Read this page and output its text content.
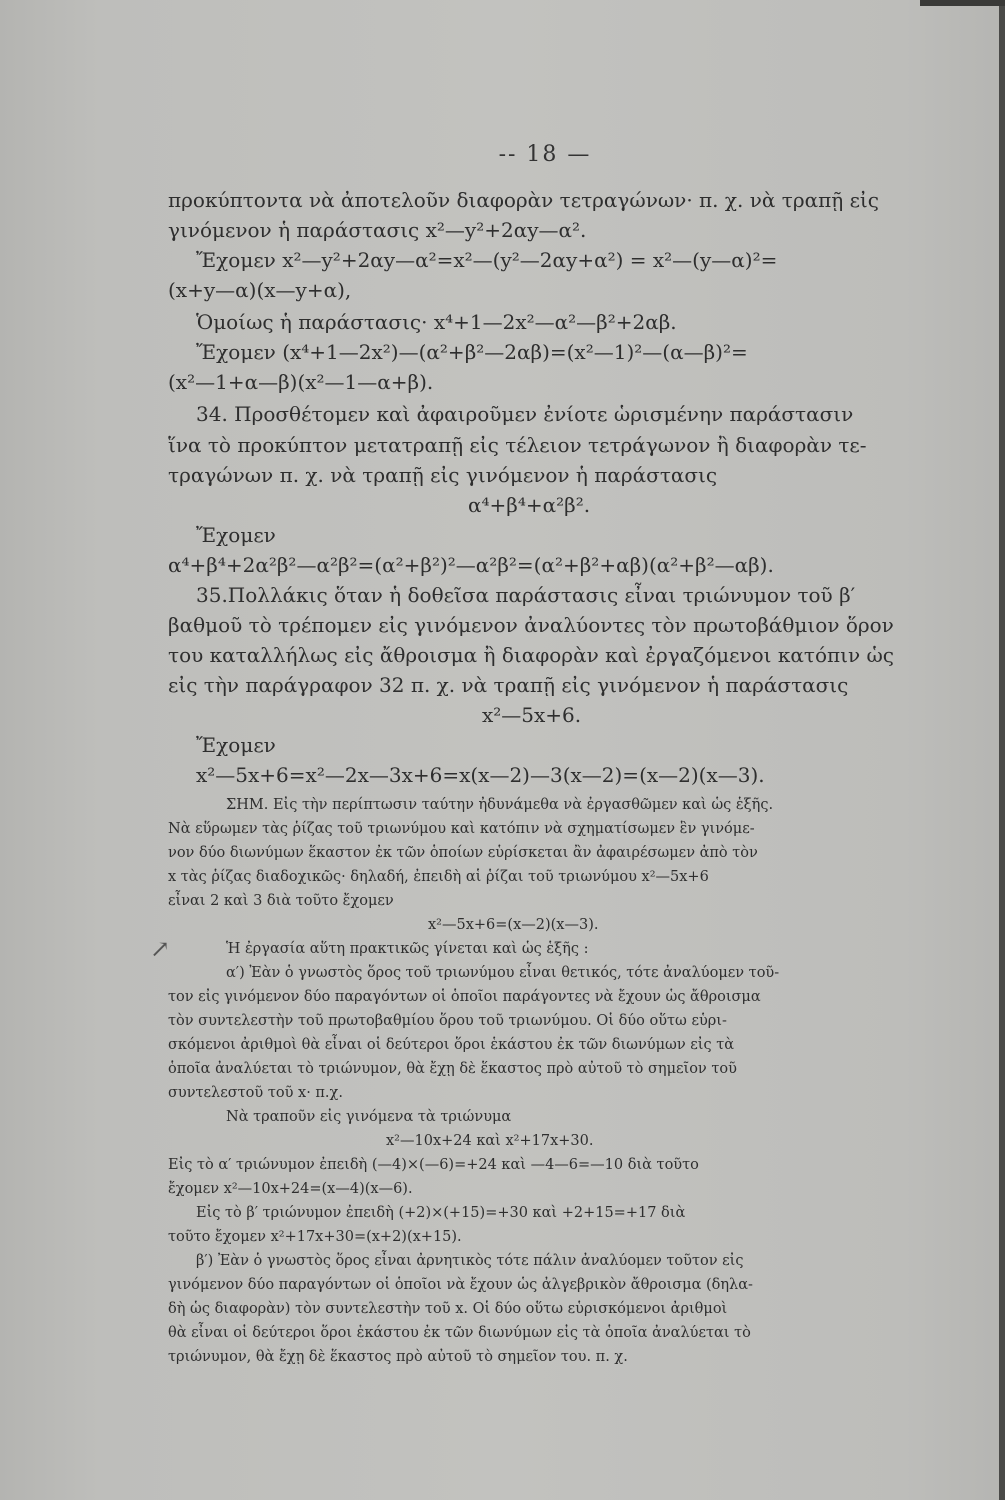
-- 18 —
προκύπτοντα νὰ ἀποτελοῦν διαφορὰν τετραγώνων· π. χ. νὰ τραπῇ εἰς
γινόμενον ἡ παράστασις x²—y²+2αy—α².
Ἔχομεν x²—y²+2αy—α²=x²—(y²—2αy+α²) = x²—(y—α)²=
(x+y—α)(x—y+α),
Ὁμοίως ἡ παράστασις· x⁴+1—2x²—α²—β²+2αβ.
Ἔχομεν (x⁴+1—2x²)—(α²+β²—2αβ)=(x²—1)²—(α—β)²=
(x²—1+α—β)(x²—1—α+β).
34. Προσθέτομεν καὶ ἀφαιροῦμεν ἐνίοτε ὡρισμένην παράστασιν
ἵνα τὸ προκύπτον μετατραπῇ εἰς τέλειον τετράγωνον ἢ διαφορὰν τε-
τραγώνων π. χ. νὰ τραπῇ εἰς γινόμενον ἡ παράστασις
α⁴+β⁴+α²β².
Ἔχομεν
α⁴+β⁴+2α²β²—α²β²=(α²+β²)²—α²β²=(α²+β²+αβ)(α²+β²—αβ).
35.Πολλάκις ὅταν ἡ δοθεῖσα παράστασις εἶναι τριώνυμον τοῦ β′
βαθμοῦ τὸ τρέπομεν εἰς γινόμενον ἀναλύοντες τὸν πρωτοβάθμιον ὅρον
του καταλλήλως εἰς ἄθροισμα ἢ διαφορὰν καὶ ἐργαζόμενοι κατόπιν ὡς
εἰς τὴν παράγραφον 32 π. χ. νὰ τραπῇ εἰς γινόμενον ἡ παράστασις
x²—5x+6.
Ἔχομεν
x²—5x+6=x²—2x—3x+6=x(x—2)—3(x—2)=(x—2)(x—3).
ΣΗΜ. Εἰς τὴν περίπτωσιν ταύτην ἠδυνάμεθα νὰ ἐργασθῶμεν καὶ ὡς ἑξῆς.
Νὰ εὕρωμεν τὰς ῥίζας τοῦ τριωνύμου καὶ κατόπιν νὰ σχηματίσωμεν ἓν γινόμε-
νον δύο διωνύμων ἕκαστον ἐκ τῶν ὁποίων εὑρίσκεται ἂν ἀφαιρέσωμεν ἀπὸ τὸν
x τὰς ῥίζας διαδοχικῶς· δηλαδή, ἐπειδὴ αἱ ῥίζαι τοῦ τριωνύμου x²—5x+6
εἶναι 2 καὶ 3 διὰ τοῦτο ἔχομεν
x²—5x+6=(x—2)(x—3).
Ἡ ἐργασία αὕτη πρακτικῶς γίνεται καὶ ὡς ἑξῆς :
α′) Ἐὰν ὁ γνωστὸς ὅρος τοῦ τριωνύμου εἶναι θετικός, τότε ἀναλύομεν τοῦ-
↗
τον εἰς γινόμενον δύο παραγόντων οἱ ὁποῖοι παράγοντες νὰ ἔχουν ὡς ἄθροισμα
τὸν συντελεστὴν τοῦ πρωτοβαθμίου ὅρου τοῦ τριωνύμου. Οἱ δύο οὕτω εὑρι-
σκόμενοι ἀριθμοὶ θὰ εἶναι οἱ δεύτεροι ὅροι ἑκάστου ἐκ τῶν διωνύμων εἰς τὰ
ὁποῖα ἀναλύεται τὸ τριώνυμον, θὰ ἔχῃ δὲ ἕκαστος πρὸ αὐτοῦ τὸ σημεῖον τοῦ
συντελεστοῦ τοῦ x· π.χ.
Νὰ τραποῦν εἰς γινόμενα τὰ τριώνυμα
x²—10x+24 καὶ x²+17x+30.
Εἰς τὸ α′ τριώνυμον ἐπειδὴ (—4)×(—6)=+24 καὶ —4—6=—10 διὰ τοῦτο
ἔχομεν x²—10x+24=(x—4)(x—6).
Εἰς τὸ β′ τριώνυμον ἐπειδὴ (+2)×(+15)=+30 καὶ +2+15=+17 διὰ
τοῦτο ἔχομεν x²+17x+30=(x+2)(x+15).
β′) Ἐὰν ὁ γνωστὸς ὅρος εἶναι ἀρνητικὸς τότε πάλιν ἀναλύομεν τοῦτον εἰς
γινόμενον δύο παραγόντων οἱ ὁποῖοι νὰ ἔχουν ὡς ἀλγεβρικὸν ἄθροισμα (δηλα-
δὴ ὡς διαφορὰν) τὸν συντελεστὴν τοῦ x. Οἱ δύο οὕτω εὑρισκόμενοι ἀριθμοὶ
θὰ εἶναι οἱ δεύτεροι ὅροι ἑκάστου ἐκ τῶν διωνύμων εἰς τὰ ὁποῖα ἀναλύεται τὸ
τριώνυμον, θὰ ἔχῃ δὲ ἕκαστος πρὸ αὐτοῦ τὸ σημεῖον του. π. χ.
